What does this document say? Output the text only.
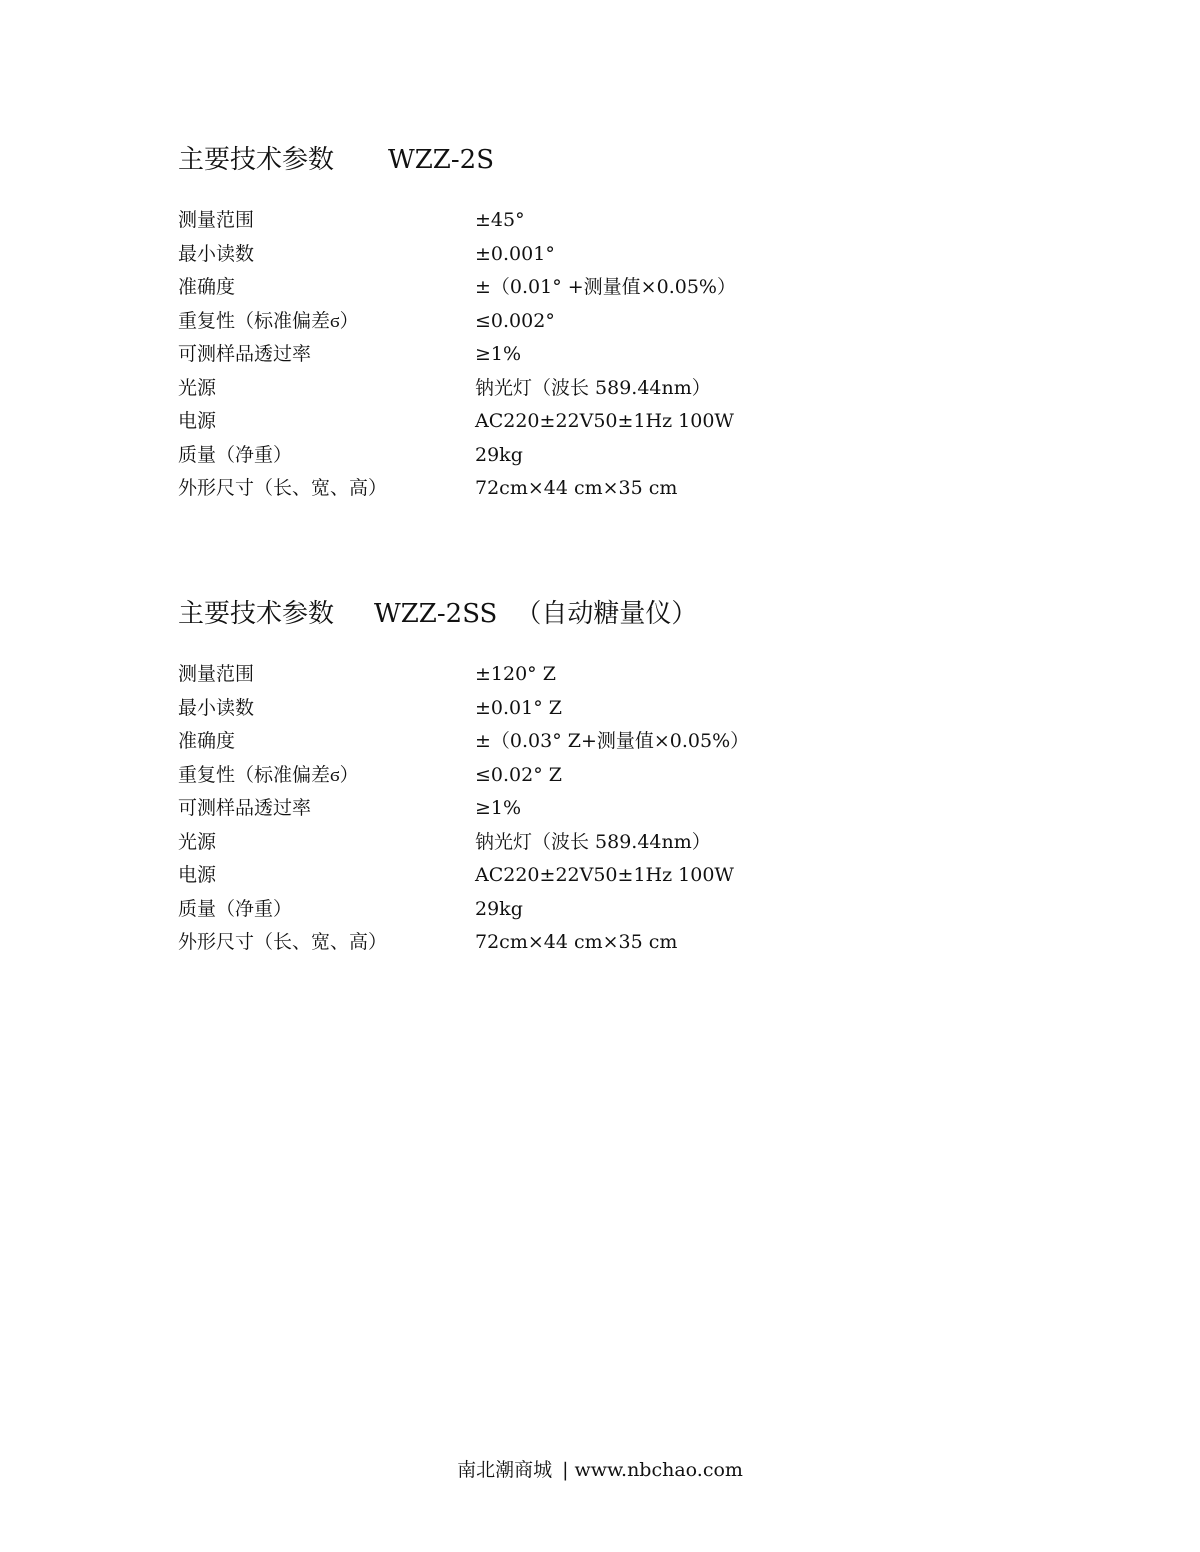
主要技术参数 WZZ-2S
测量范围	±45°
最小读数	±0.001°
准确度	±（0.01° +测量值×0.05%）
重复性（标准偏差ϭ）	≤0.002°
可测样品透过率	≥1%
光源	钠光灯（波长 589.44nm）
电源	AC220±22V50±1Hz 100W
质量（净重）	29kg
外形尺寸（长、宽、高）	72cm×44 cm×35 cm
主要技术参数 WZZ-2SS （自动糖量仪）
测量范围	±120° Z
最小读数	±0.01° Z
准确度	±（0.03° Z+测量值×0.05%）
重复性（标准偏差ϭ）	≤0.02° Z
可测样品透过率	≥1%
光源	钠光灯（波长 589.44nm）
电源	AC220±22V50±1Hz 100W
质量（净重）	29kg
外形尺寸（长、宽、高）	72cm×44 cm×35 cm
南北潮商城 | www.nbchao.com
